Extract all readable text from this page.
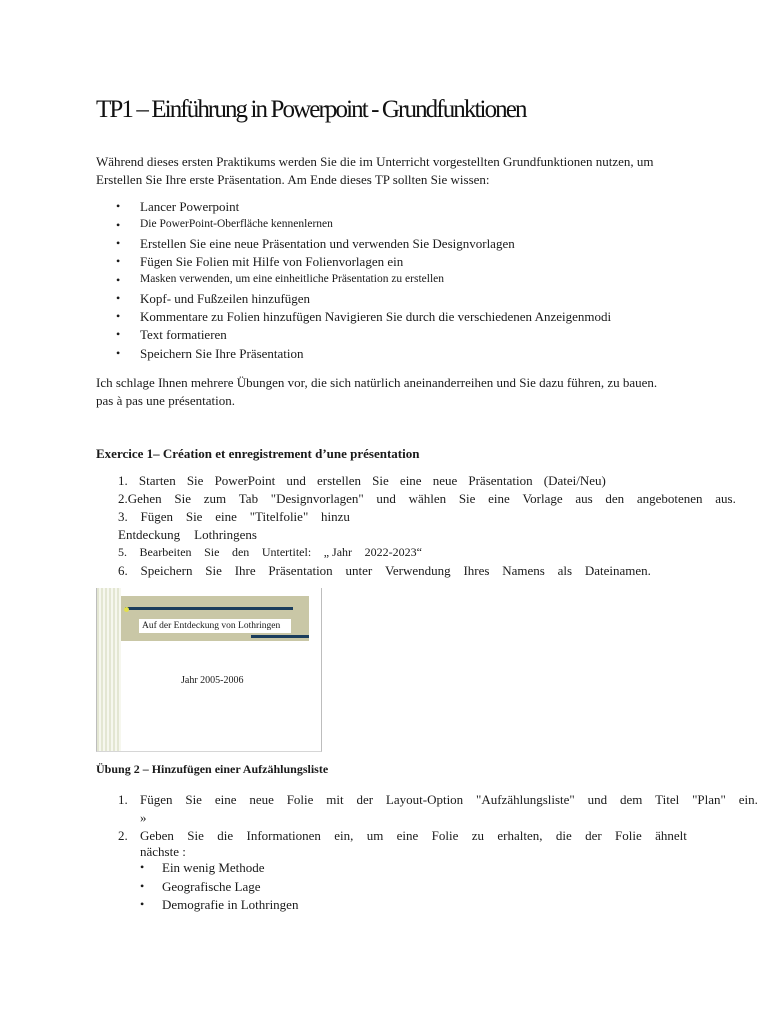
TP1 – Einführung in Powerpoint - Grundfunktionen
Während dieses ersten Praktikums werden Sie die im Unterricht vorgestellten Grundfunktionen nutzen, um
Erstellen Sie Ihre erste Präsentation. Am Ende dieses TP sollten Sie wissen:
• Lancer Powerpoint
• Die PowerPoint-Oberfläche kennenlernen
• Erstellen Sie eine neue Präsentation und verwenden Sie Designvorlagen
• Fügen Sie Folien mit Hilfe von Folienvorlagen ein
• Masken verwenden, um eine einheitliche Präsentation zu erstellen
• Kopf- und Fußzeilen hinzufügen
• Kommentare zu Folien hinzufügen Navigieren Sie durch die verschiedenen Anzeigenmodi
• Text formatieren
• Speichern Sie Ihre Präsentation
Ich schlage Ihnen mehrere Übungen vor, die sich natürlich aneinanderreihen und Sie dazu führen, zu bauen.
pas à pas une présentation.
Exercice 1– Création et enregistrement d’une présentation
1. Starten Sie PowerPoint und erstellen Sie eine neue Präsentation (Datei/Neu)
2.Gehen Sie zum Tab "Designvorlagen" und wählen Sie eine Vorlage aus den angebotenen aus.
3. Fügen Sie eine "Titelfolie" hinzu
Entdeckung Lothringens
5. Bearbeiten Sie den Untertitel: „ Jahr 2022-2023“
6. Speichern Sie Ihre Präsentation unter Verwendung Ihres Namens als Dateinamen.
Auf der Entdeckung von Lothringen
Jahr 2005-2006
Übung 2 – Hinzufügen einer Aufzählungsliste
1. Fügen Sie eine neue Folie mit der Layout-Option "Aufzählungsliste" und dem Titel "Plan" ein.
»
2. Geben Sie die Informationen ein, um eine Folie zu erhalten, die der Folie ähnelt
nächste :
• Ein wenig Methode
• Geografische Lage
• Demografie in Lothringen
